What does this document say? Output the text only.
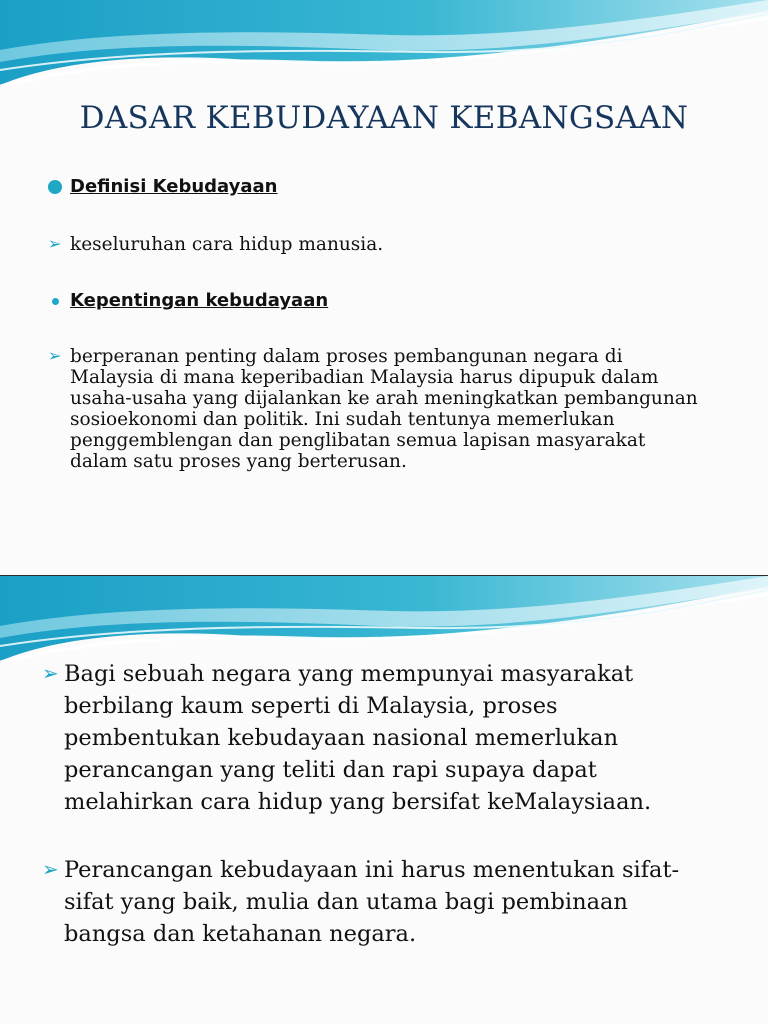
DASAR KEBUDAYAAN KEBANGSAAN
Definisi Kebudayaan
➢ keseluruhan cara hidup manusia.
Kepentingan kebudayaan
➢ berperanan penting dalam proses pembangunan negara di Malaysia di mana keperibadian Malaysia harus dipupuk dalam usaha-usaha yang dijalankan ke arah meningkatkan pembangunan sosioekonomi dan politik. Ini sudah tentunya memerlukan penggemblengan dan penglibatan semua lapisan masyarakat dalam satu proses yang berterusan.
➢ Bagi sebuah negara yang mempunyai masyarakat berbilang kaum seperti di Malaysia, proses pembentukan kebudayaan nasional memerlukan perancangan yang teliti dan rapi supaya dapat melahirkan cara hidup yang bersifat keMalaysiaan.
➢ Perancangan kebudayaan ini harus menentukan sifat-sifat yang baik, mulia dan utama bagi pembinaan bangsa dan ketahanan negara.
